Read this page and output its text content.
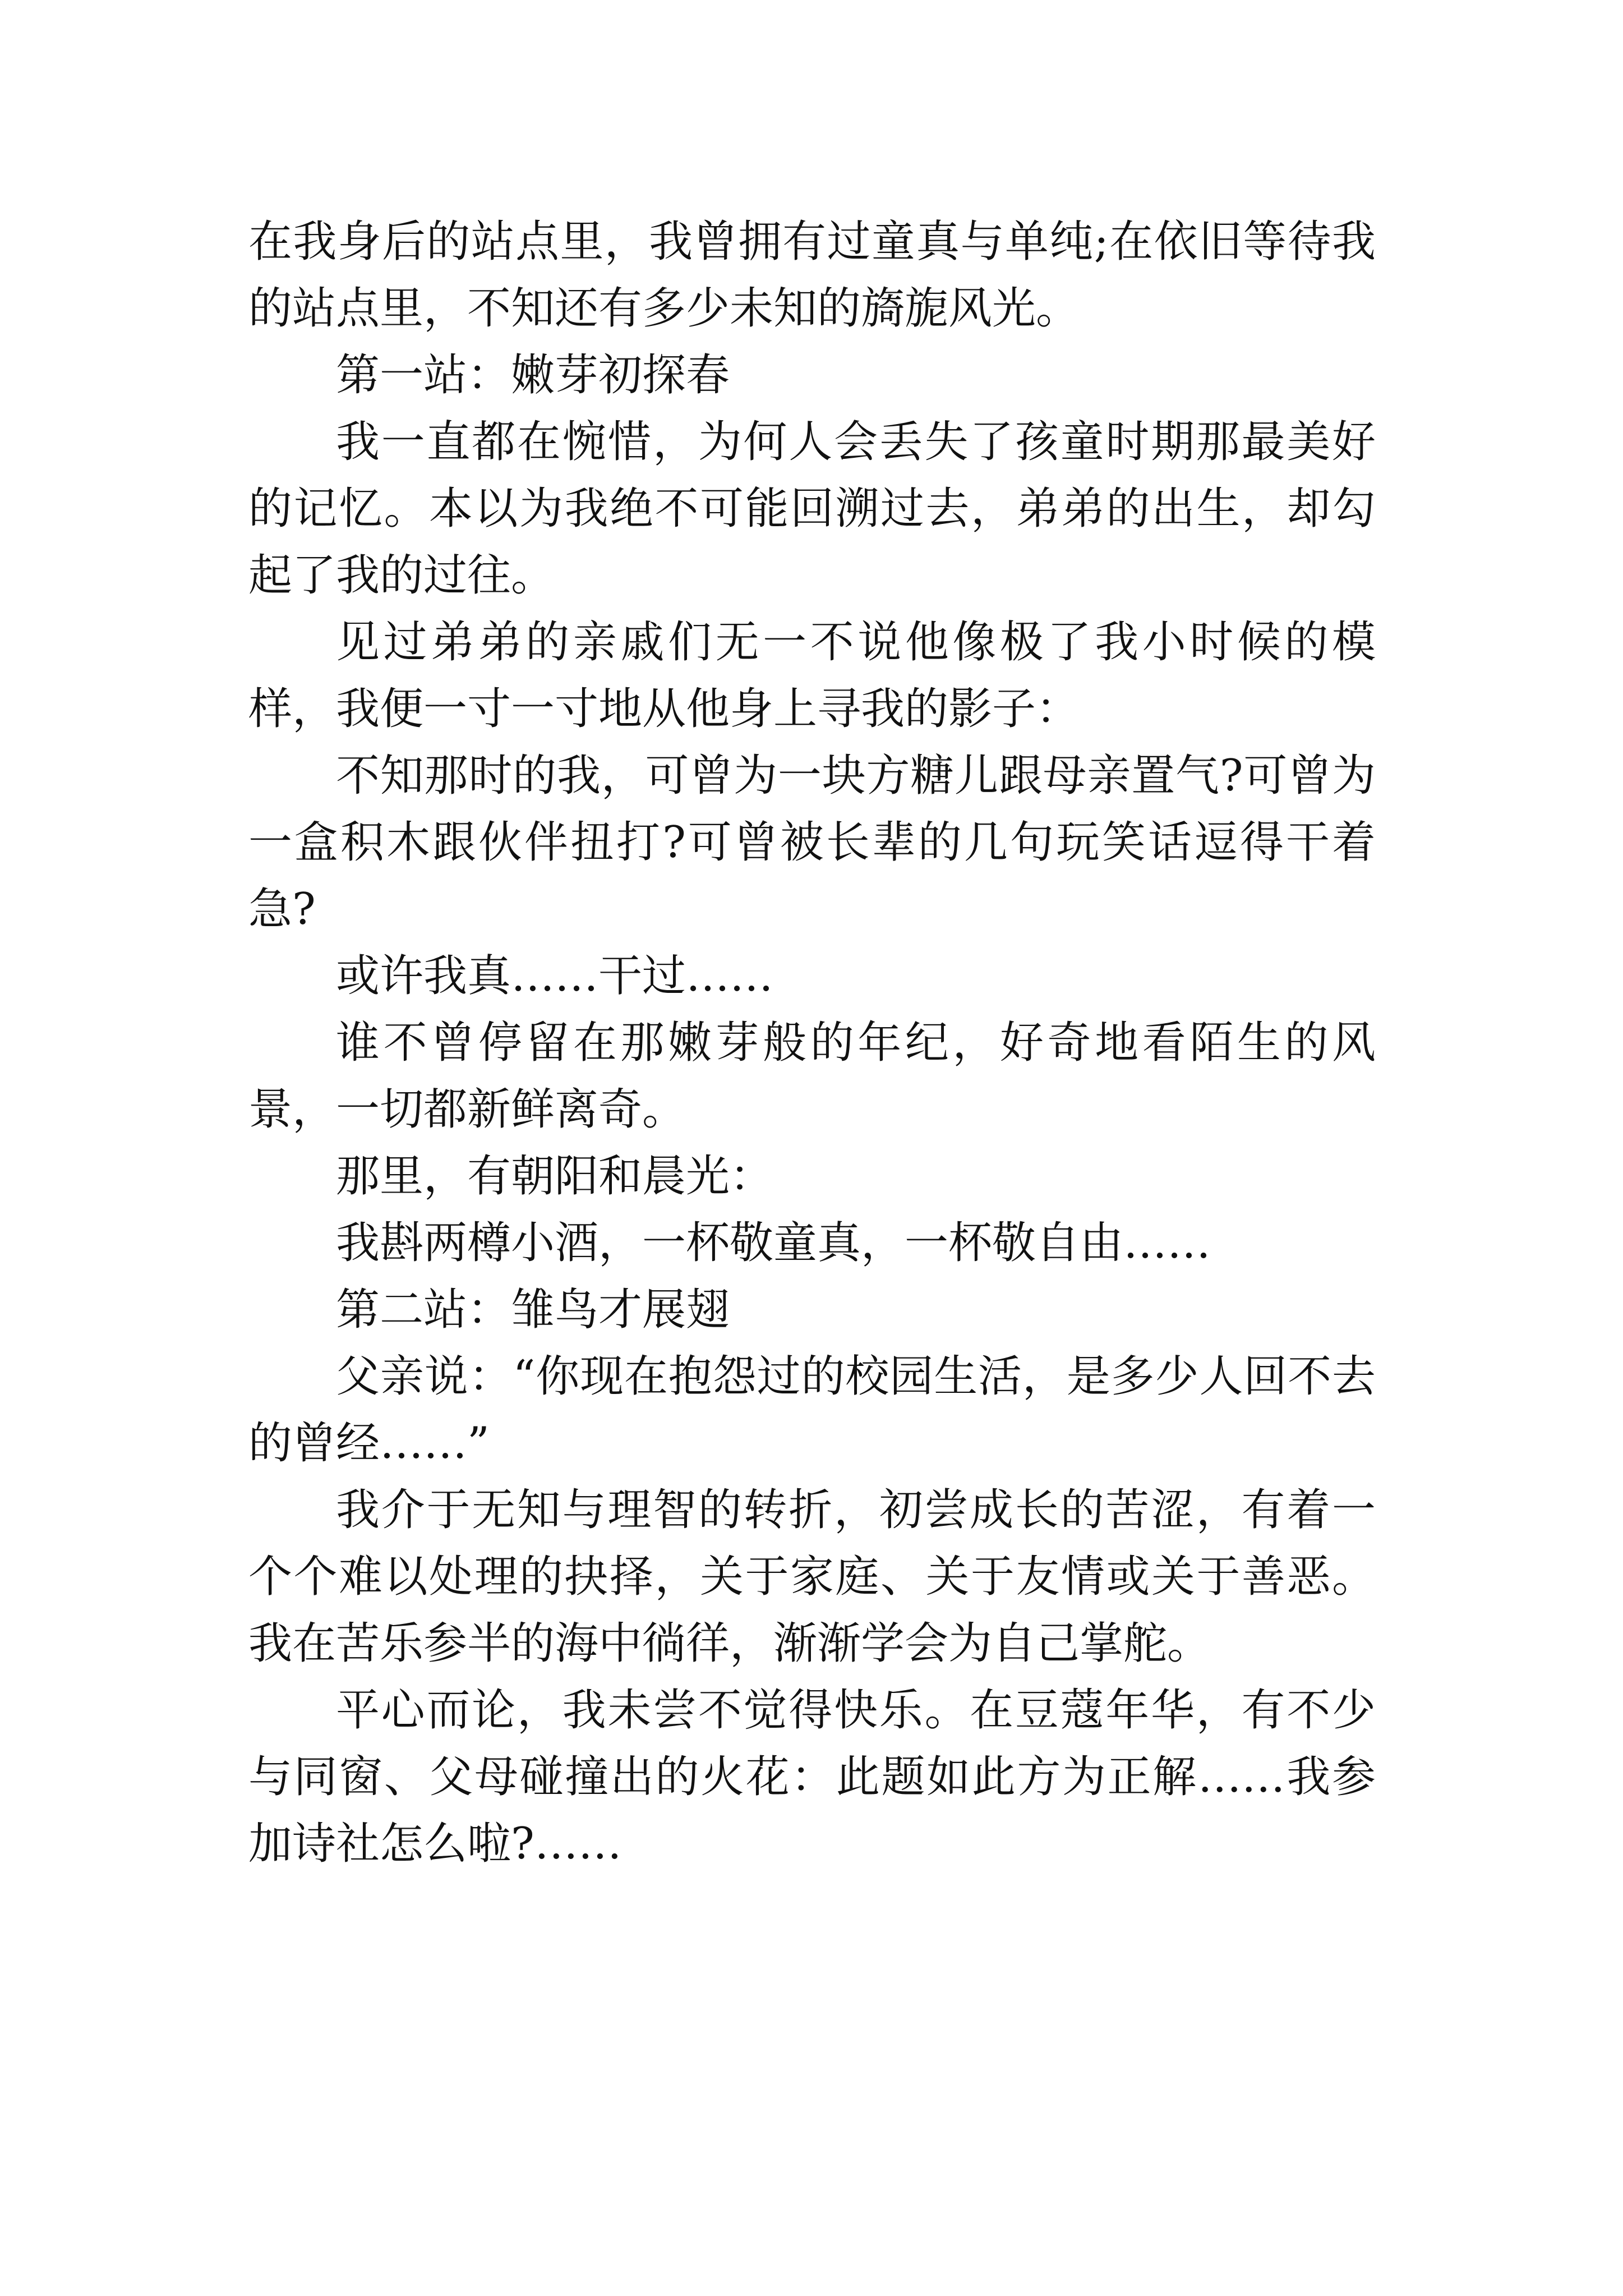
在我身后的站点里，我曾拥有过童真与单纯;在依旧等待我的站点里，不知还有多少未知的旖旎风光。

第一站：嫩芽初探春

我一直都在惋惜，为何人会丢失了孩童时期那最美好的记忆。本以为我绝不可能回溯过去，弟弟的出生，却勾起了我的过往。

见过弟弟的亲戚们无一不说他像极了我小时候的模样，我便一寸一寸地从他身上寻我的影子：

不知那时的我，可曾为一块方糖儿跟母亲置气?可曾为一盒积木跟伙伴扭打?可曾被长辈的几句玩笑话逗得干着急?

或许我真……干过……

谁不曾停留在那嫩芽般的年纪，好奇地看陌生的风景，一切都新鲜离奇。

那里，有朝阳和晨光：

我斟两樽小酒，一杯敬童真，一杯敬自由……

第二站：雏鸟才展翅

父亲说：“你现在抱怨过的校园生活，是多少人回不去的曾经……”

我介于无知与理智的转折，初尝成长的苦涩，有着一个个难以处理的抉择，关于家庭、关于友情或关于善恶。我在苦乐参半的海中徜徉，渐渐学会为自己掌舵。

平心而论，我未尝不觉得快乐。在豆蔻年华，有不少与同窗、父母碰撞出的火花：此题如此方为正解……我参加诗社怎么啦?……
